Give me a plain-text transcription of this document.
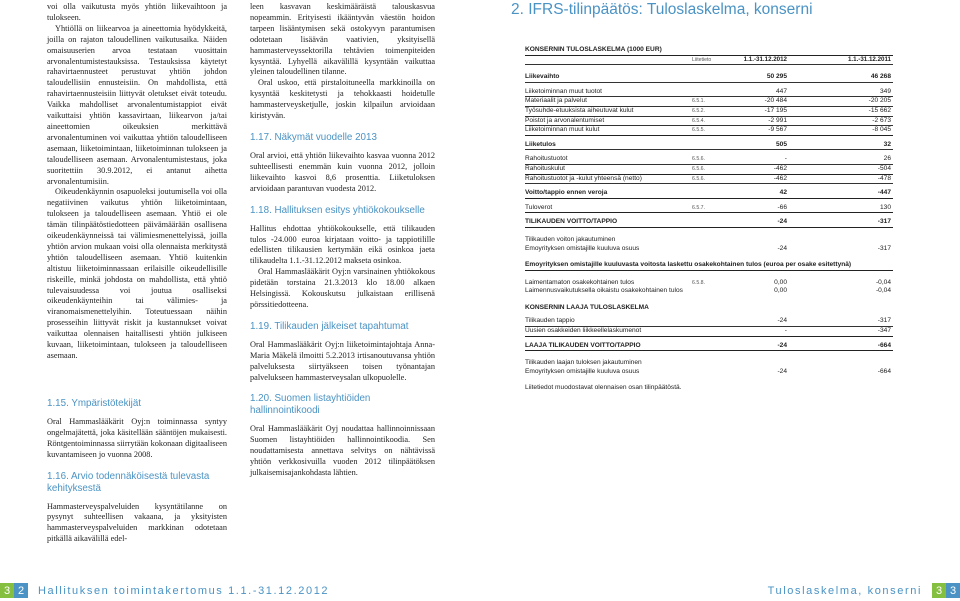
voi olla vaikutusta myös yhtiön liikevaihtoon ja tulokseen.

Yhtiöllä on liikearvoa ja aineettomia hyödykkeitä, joilla on rajaton taloudellinen vaikutusaika. Näiden omaisuuserien arvoa testataan vuosittain arvonalentumistestauksissa. Testauksissa käytetyt rahavirtaennusteet perustuvat yhtiön johdon taloudellisiin ennusteisiin. On mahdollista, että rahavirtaennusteisiin liittyvät oletukset eivät toteudu. Vaikka mahdolliset arvonalentumistappiot eivät vaikuttaisi yhtiön kassavirtaan, liikearvon ja/tai aineettomien oikeuksien merkittävä arvonalentuminen voi vaikuttaa yhtiön taloudelliseen asemaan, liiketoimintaan, liiketoiminnan tulokseen ja taloudelliseen asemaan. Arvonalentumistestaus, joka suoritettiin 30.9.2012, ei antanut aihetta arvonalentumisiin.

Oikeudenkäynnin osapuoleksi joutumisella voi olla negatiivinen vaikutus yhtiön liiketoimintaan, tulokseen ja taloudelliseen asemaan. Yhtiö ei ole tämän tilinpäätöstiedotteen päivämäärään osallisena oikeudenkäynneissä tai välimiesmenettelyissä, joilla yhtiön arvion mukaan voisi olla olennaista merkitystä yhtiön taloudelliseen asemaan. Yhtiö kuitenkin altistuu liiketoiminnassaan erilaisille oikeudellisille riskeille, minkä johdosta on mahdollista, että yhtiö tulevaisuudessa voi joutua osalliseksi oikeudenkäynteihin tai välimies- ja viranomaismenettelyihin. Toteutuessaan näihin prosesseihin liittyvät riskit ja kustannukset voivat vaikuttaa olennaisen haitallisesti yhtiön julkiseen kuvaan, liiketoimintaan, tulokseen ja taloudelliseen asemaan.

1.15. Ympäristötekijät

Oral Hammaslääkärit Oyj:n toiminnassa syntyy ongelmajätettä, joka käsitellään sääntöjen mukaisesti. Röntgentoiminnassa siirrytään kokonaan digitaaliseen kuvantamiseen jo vuonna 2008.

1.16. Arvio todennäköisestä tulevasta kehityksestä

Hammasterveyspalveluiden kysyntätilanne on pysynyt suhteellisen vakaana, ja yksityisten hammasterveyspalveluiden markkinan odotetaan pitkällä aikavälillä edel-

leen kasvavan keskimääräistä talouskasvua nopeammin. Erityisesti ikääntyvän väestön hoidon tarpeen lisääntymisen sekä ostokyvyn parantumisen odotetaan lisäävän vaativien, yksityisellä hammasterveyssektorilla tehtävien toimenpiteiden kysyntää. Lyhyellä aikavälillä kysyntään vaikuttaa yleinen taloudellinen tilanne.

Oral uskoo, että pirstaloituneella markkinoilla on kysyntää keskitetysti ja tehokkaasti hoidetulle hammasterveysketjulle, joskin kilpailun arvioidaan kiristyvän.

1.17. Näkymät vuodelle 2013

Oral arvioi, että yhtiön liikevaihto kasvaa vuonna 2012 suhteellisesti enemmän kuin vuonna 2012, jolloin liikevaihto kasvoi 8,6 prosenttia. Liiketuloksen arvioidaan parantuvan vuodesta 2012.

1.18. Hallituksen esitys yhtiökokoukselle

Hallitus ehdottaa yhtiökokoukselle, että tilikauden tulos -24.000 euroa kirjataan voitto- ja tappiotilille edellisten tilikausien kertymään eikä osinkoa jaeta tilikaudelta 1.1.-31.12.2012 makseta osinkoa.

Oral Hammaslääkärit Oyj:n varsinainen yhtiökokous pidetään torstaina 21.3.2013 klo 18.00 alkaen Helsingissä. Kokouskutsu julkaistaan erillisenä pörssitiedotteena.

1.19. Tilikauden jälkeiset tapahtumat

Oral Hammaslääkärit Oyj:n liiketoimintajohtaja Anna-Maria Mäkelä ilmoitti 5.2.2013 irtisanoutuvansa yhtiön palveluksesta siirtyäkseen toisen työnantajan palvelukseen hammasterveysalan ulkopuolelle.

1.20. Suomen listayhtiöiden hallinnointikoodi

Oral Hammaslääkärit Oyj noudattaa hallinnoinnissaan Suomen listayhtiöiden hallinnointikoodia. Sen noudattamisesta annettava selvitys on nähtävissä yhtiön verkkosivuilla vuoden 2012 tilinpäätöksen julkaisemisajankohdasta lähtien.

2. IFRS-tilinpäätös: Tuloslaskelma, konserni
KONSERNIN TULOSLASKELMA (1000 EUR)
Liitetieto	1.1.-31.12.2012	1.1.-31.12.2011
Liikevaihto	50 295	46 268
Liiketoiminnan muut tuotot	447	349
Materiaalit ja palvelut	6.5.1.	-20 484	-20 205
Työsuhde-etuuksista aiheutuvat kulut	6.5.2.	-17 195	-15 662
Poistot ja arvonalentumiset	6.5.4.	-2 991	-2 673
Liiketoiminnan muut kulut	6.5.5.	-9 567	-8 045
Liiketulos	505	32
Rahoitustuotot	6.5.6.	-	26
Rahoituskulut	6.5.6.	-462	-504
Rahoitustuotot ja -kulut yhteensä (netto)	6.5.6.	-462	-478
Voitto/tappio ennen veroja	42	-447
Tuloverot	6.5.7.	-66	130
TILIKAUDEN VOITTO/TAPPIO	-24	-317
Tilikauden voiton jakautuminen
Emoyrityksen omistajille kuuluva osuus	-24	-317
Emoyrityksen omistajille kuuluvasta voitosta laskettu osakekohtainen tulos (euroa per osake esitettynä)
Laimentamaton osakekohtainen tulos	6.5.8.	0,00	-0,04
Laimennusvaikutuksella oikaistu osakekohtainen tulos	0,00	-0,04
KONSERNIN LAAJA TULOSLASKELMA
Tilikauden tappio	-24	-317
Uusien osakkeiden liikkeellelaskumenot	-	-347
LAAJA TILIKAUDEN VOITTO/TAPPIO	-24	-664
Tilikauden laajan tuloksen jakautuminen
Emoyrityksen omistajille kuuluva osuus	-24	-664
Liitetiedot muodostavat olennaisen osan tilinpäätöstä.
3 2	Hallituksen toimintakertomus 1.1.-31.12.2012	Tuloslaskelma, konserni	3 3
